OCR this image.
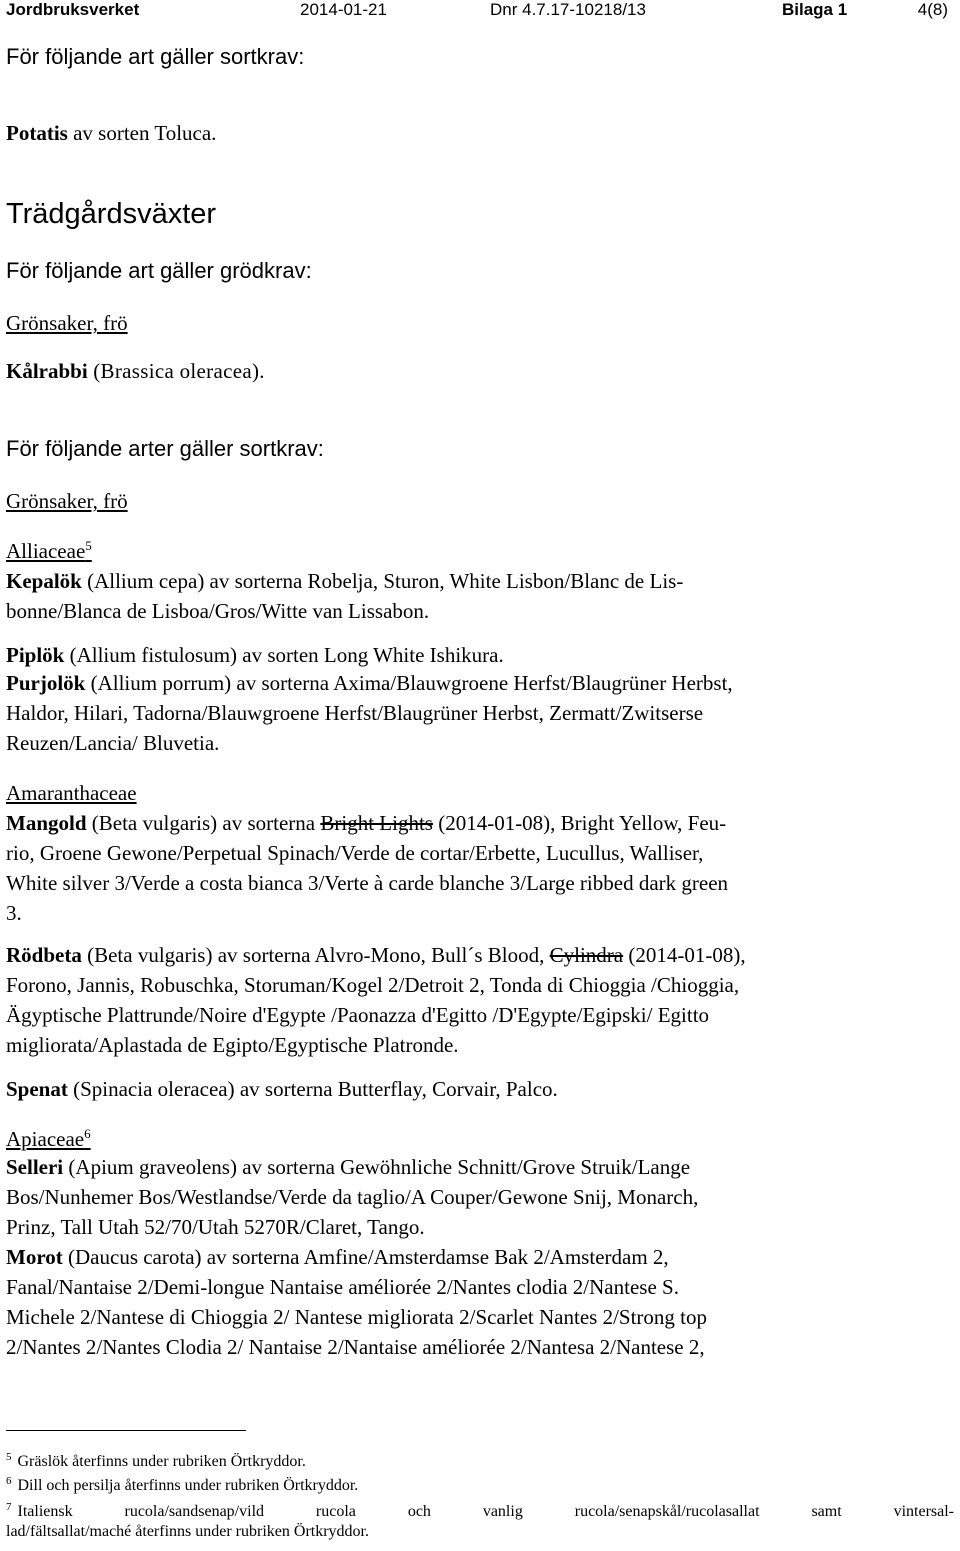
Jordbruksverket	2014-01-21	Dnr 4.7.17-10218/13	Bilaga 1	4(8)
För följande art gäller sortkrav:
Potatis av sorten Toluca.
Trädgårdsväxter
För följande art gäller grödkrav:
Grönsaker, frö
Kålrabbi (Brassica oleracea).
För följande arter gäller sortkrav:
Grönsaker, frö
Alliaceae$^5$
Kepalök (Allium cepa) av sorterna Robelja, Sturon, White Lisbon/Blanc de Lis-
bonne/Blanca de Lisboa/Gros/Witte van Lissabon.
Piplök (Allium fistulosum) av sorten Long White Ishikura.
Purjolök (Allium porrum) av sorterna Axima/Blauwgroene Herfst/Blaugrüner Herbst,
Haldor, Hilari, Tadorna/Blauwgroene Herfst/Blaugrüner Herbst, Zermatt/Zwitserse
Reuzen/Lancia/ Bluvetia.
Amaranthaceae
Mangold (Beta vulgaris) av sorterna Bright Lights (2014-01-08), Bright Yellow, Feu-
rio, Groene Gewone/Perpetual Spinach/Verde de cortar/Erbette, Lucullus, Walliser,
White silver 3/Verde a costa bianca 3/Verte à carde blanche 3/Large ribbed dark green
3.
Rödbeta (Beta vulgaris) av sorterna Alvro-Mono, Bull´s Blood, Cylindra (2014-01-08),
Forono, Jannis, Robuschka, Storuman/Kogel 2/Detroit 2, Tonda di Chioggia /Chioggia,
Ägyptische Plattrunde/Noire d'Egypte /Paonazza d'Egitto /D'Egypte/Egipski/ Egitto
migliorata/Aplastada de Egipto/Egyptische Platronde.
Spenat (Spinacia oleracea) av sorterna Butterflay, Corvair, Palco.
Apiaceae$^6$
Selleri (Apium graveolens) av sorterna Gewöhnliche Schnitt/Grove Struik/Lange
Bos/Nunhemer Bos/Westlandse/Verde da taglio/A Couper/Gewone Snij, Monarch,
Prinz, Tall Utah 52/70/Utah 5270R/Claret, Tango.
Morot (Daucus carota) av sorterna Amfine/Amsterdamse Bak 2/Amsterdam 2,
Fanal/Nantaise 2/Demi-longue Nantaise améliorée 2/Nantes clodia 2/Nantese S.
Michele 2/Nantese di Chioggia 2/ Nantese migliorata 2/Scarlet Nantes 2/Strong top
2/Nantes 2/Nantes Clodia 2/ Nantaise 2/Nantaise améliorée 2/Nantesa 2/Nantese 2,
$^5$ Gräslök återfinns under rubriken Örtkryddor.
$^6$ Dill och persilja återfinns under rubriken Örtkryddor.
$^7$ Italiensk	rucola/sandsenap/vild	rucola	och	vanlig	rucola/senapskål/rucolasallat	samt	vintersal-
lad/fältsallat/maché återfinns under rubriken Örtkryddor.
